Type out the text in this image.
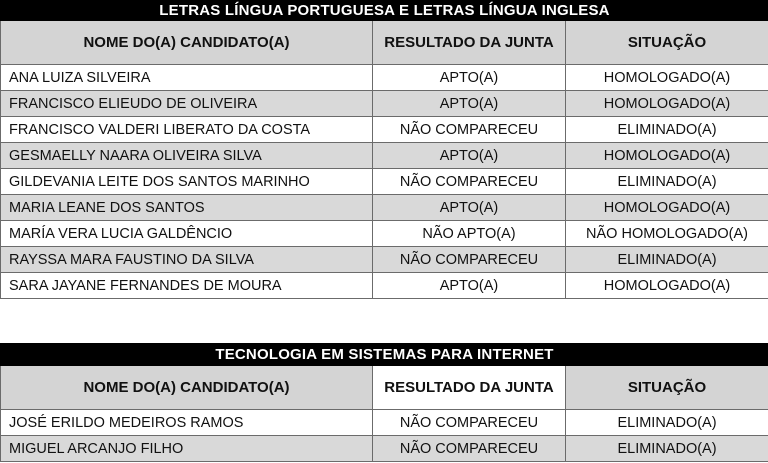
LETRAS LÍNGUA PORTUGUESA E LETRAS LÍNGUA INGLESA		
NOME DO(A) CANDIDATO(A)	RESULTADO DA JUNTA	SITUAÇÃO
ANA LUIZA SILVEIRA	APTO(A)	HOMOLOGADO(A)
FRANCISCO ELIEUDO DE OLIVEIRA	APTO(A)	HOMOLOGADO(A)
FRANCISCO VALDERI LIBERATO DA COSTA	NÃO COMPARECEU	ELIMINADO(A)
GESMAELLY NAARA OLIVEIRA SILVA	APTO(A)	HOMOLOGADO(A)
GILDEVANIA LEITE DOS SANTOS MARINHO	NÃO COMPARECEU	ELIMINADO(A)
MARIA LEANE DOS SANTOS	APTO(A)	HOMOLOGADO(A)
MARÍA VERA LUCIA GALDÊNCIO	NÃO APTO(A)	NÃO HOMOLOGADO(A)
RAYSSA MARA FAUSTINO DA SILVA	NÃO COMPARECEU	ELIMINADO(A)
SARA JAYANE FERNANDES DE MOURA	APTO(A)	HOMOLOGADO(A)
TECNOLOGIA EM SISTEMAS PARA INTERNET		
NOME DO(A) CANDIDATO(A)	RESULTADO DA JUNTA	SITUAÇÃO
JOSÉ ERILDO MEDEIROS RAMOS	NÃO COMPARECEU	ELIMINADO(A)
MIGUEL ARCANJO FILHO	NÃO COMPARECEU	ELIMINADO(A)
